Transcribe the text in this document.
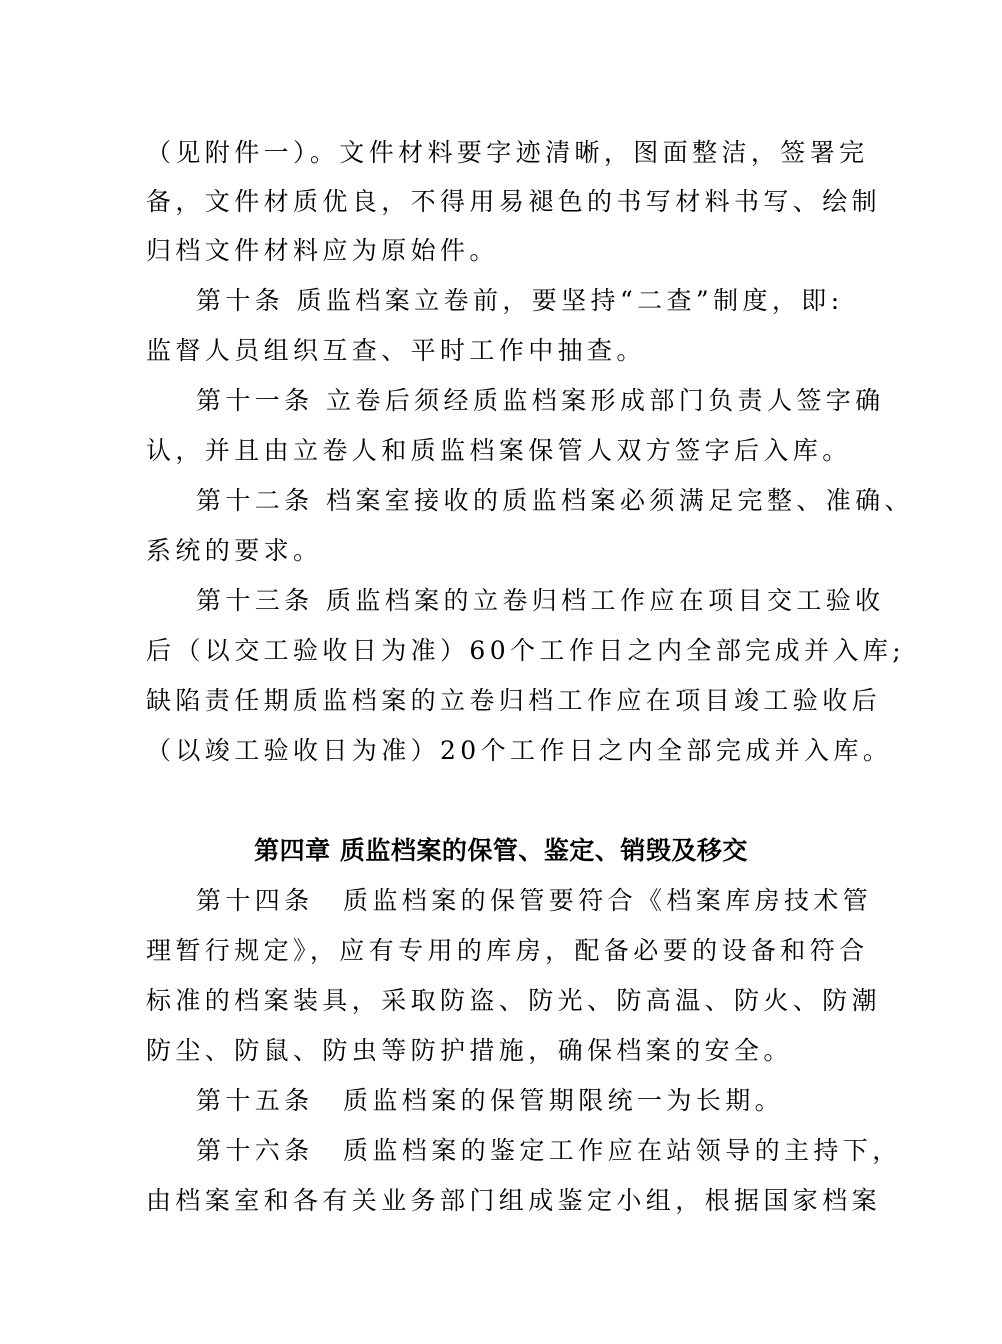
（见附件一）。文件材料要字迹清晰，图面整洁，签署完
备，文件材质优良，不得用易褪色的书写材料书写、绘制
归档文件材料应为原始件。
第十条 质监档案立卷前，要坚持“二查”制度，即:
监督人员组织互查、平时工作中抽查。
第十一条 立卷后须经质监档案形成部门负责人签字确
认，并且由立卷人和质监档案保管人双方签字后入库。
第十二条 档案室接收的质监档案必须满足完整、准确、
系统的要求。
第十三条 质监档案的立卷归档工作应在项目交工验收
后（以交工验收日为准）60个工作日之内全部完成并入库;
缺陷责任期质监档案的立卷归档工作应在项目竣工验收后
（以竣工验收日为准）20个工作日之内全部完成并入库。
第四章 质监档案的保管、鉴定、销毁及移交
第十四条　质监档案的保管要符合《档案库房技术管
理暂行规定》，应有专用的库房，配备必要的设备和符合
标准的档案装具，采取防盗、防光、防高温、防火、防潮
防尘、防鼠、防虫等防护措施，确保档案的安全。
第十五条　质监档案的保管期限统一为长期。
第十六条　质监档案的鉴定工作应在站领导的主持下，
由档案室和各有关业务部门组成鉴定小组，根据国家档案
